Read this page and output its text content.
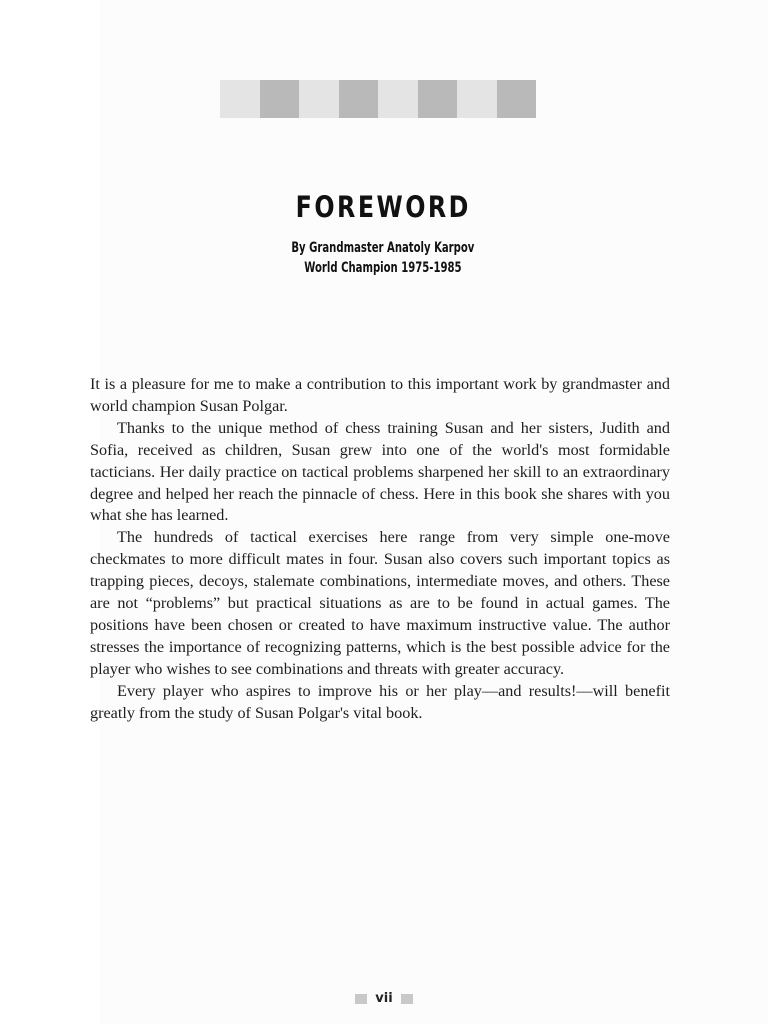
FOREWORD

By Grandmaster Anatoly Karpov

World Champion 1975-1985

It is a pleasure for me to make a contribution to this important work by grandmaster and world champion Susan Polgar.

Thanks to the unique method of chess training Susan and her sisters, Judith and Sofia, received as children, Susan grew into one of the world's most formidable tacticians. Her daily practice on tactical problems sharpened her skill to an extraordinary degree and helped her reach the pinnacle of chess. Here in this book she shares with you what she has learned.

The hundreds of tactical exercises here range from very simple one-move checkmates to more difficult mates in four. Susan also covers such important topics as trapping pieces, decoys, stalemate combinations, intermediate moves, and others. These are not “problems” but practical situations as are to be found in actual games. The positions have been chosen or created to have maximum instructive value. The author stresses the importance of recognizing patterns, which is the best possible advice for the player who wishes to see combinations and threats with greater accuracy.

Every player who aspires to improve his or her play—and results!—will benefit greatly from the study of Susan Polgar's vital book.

vii
